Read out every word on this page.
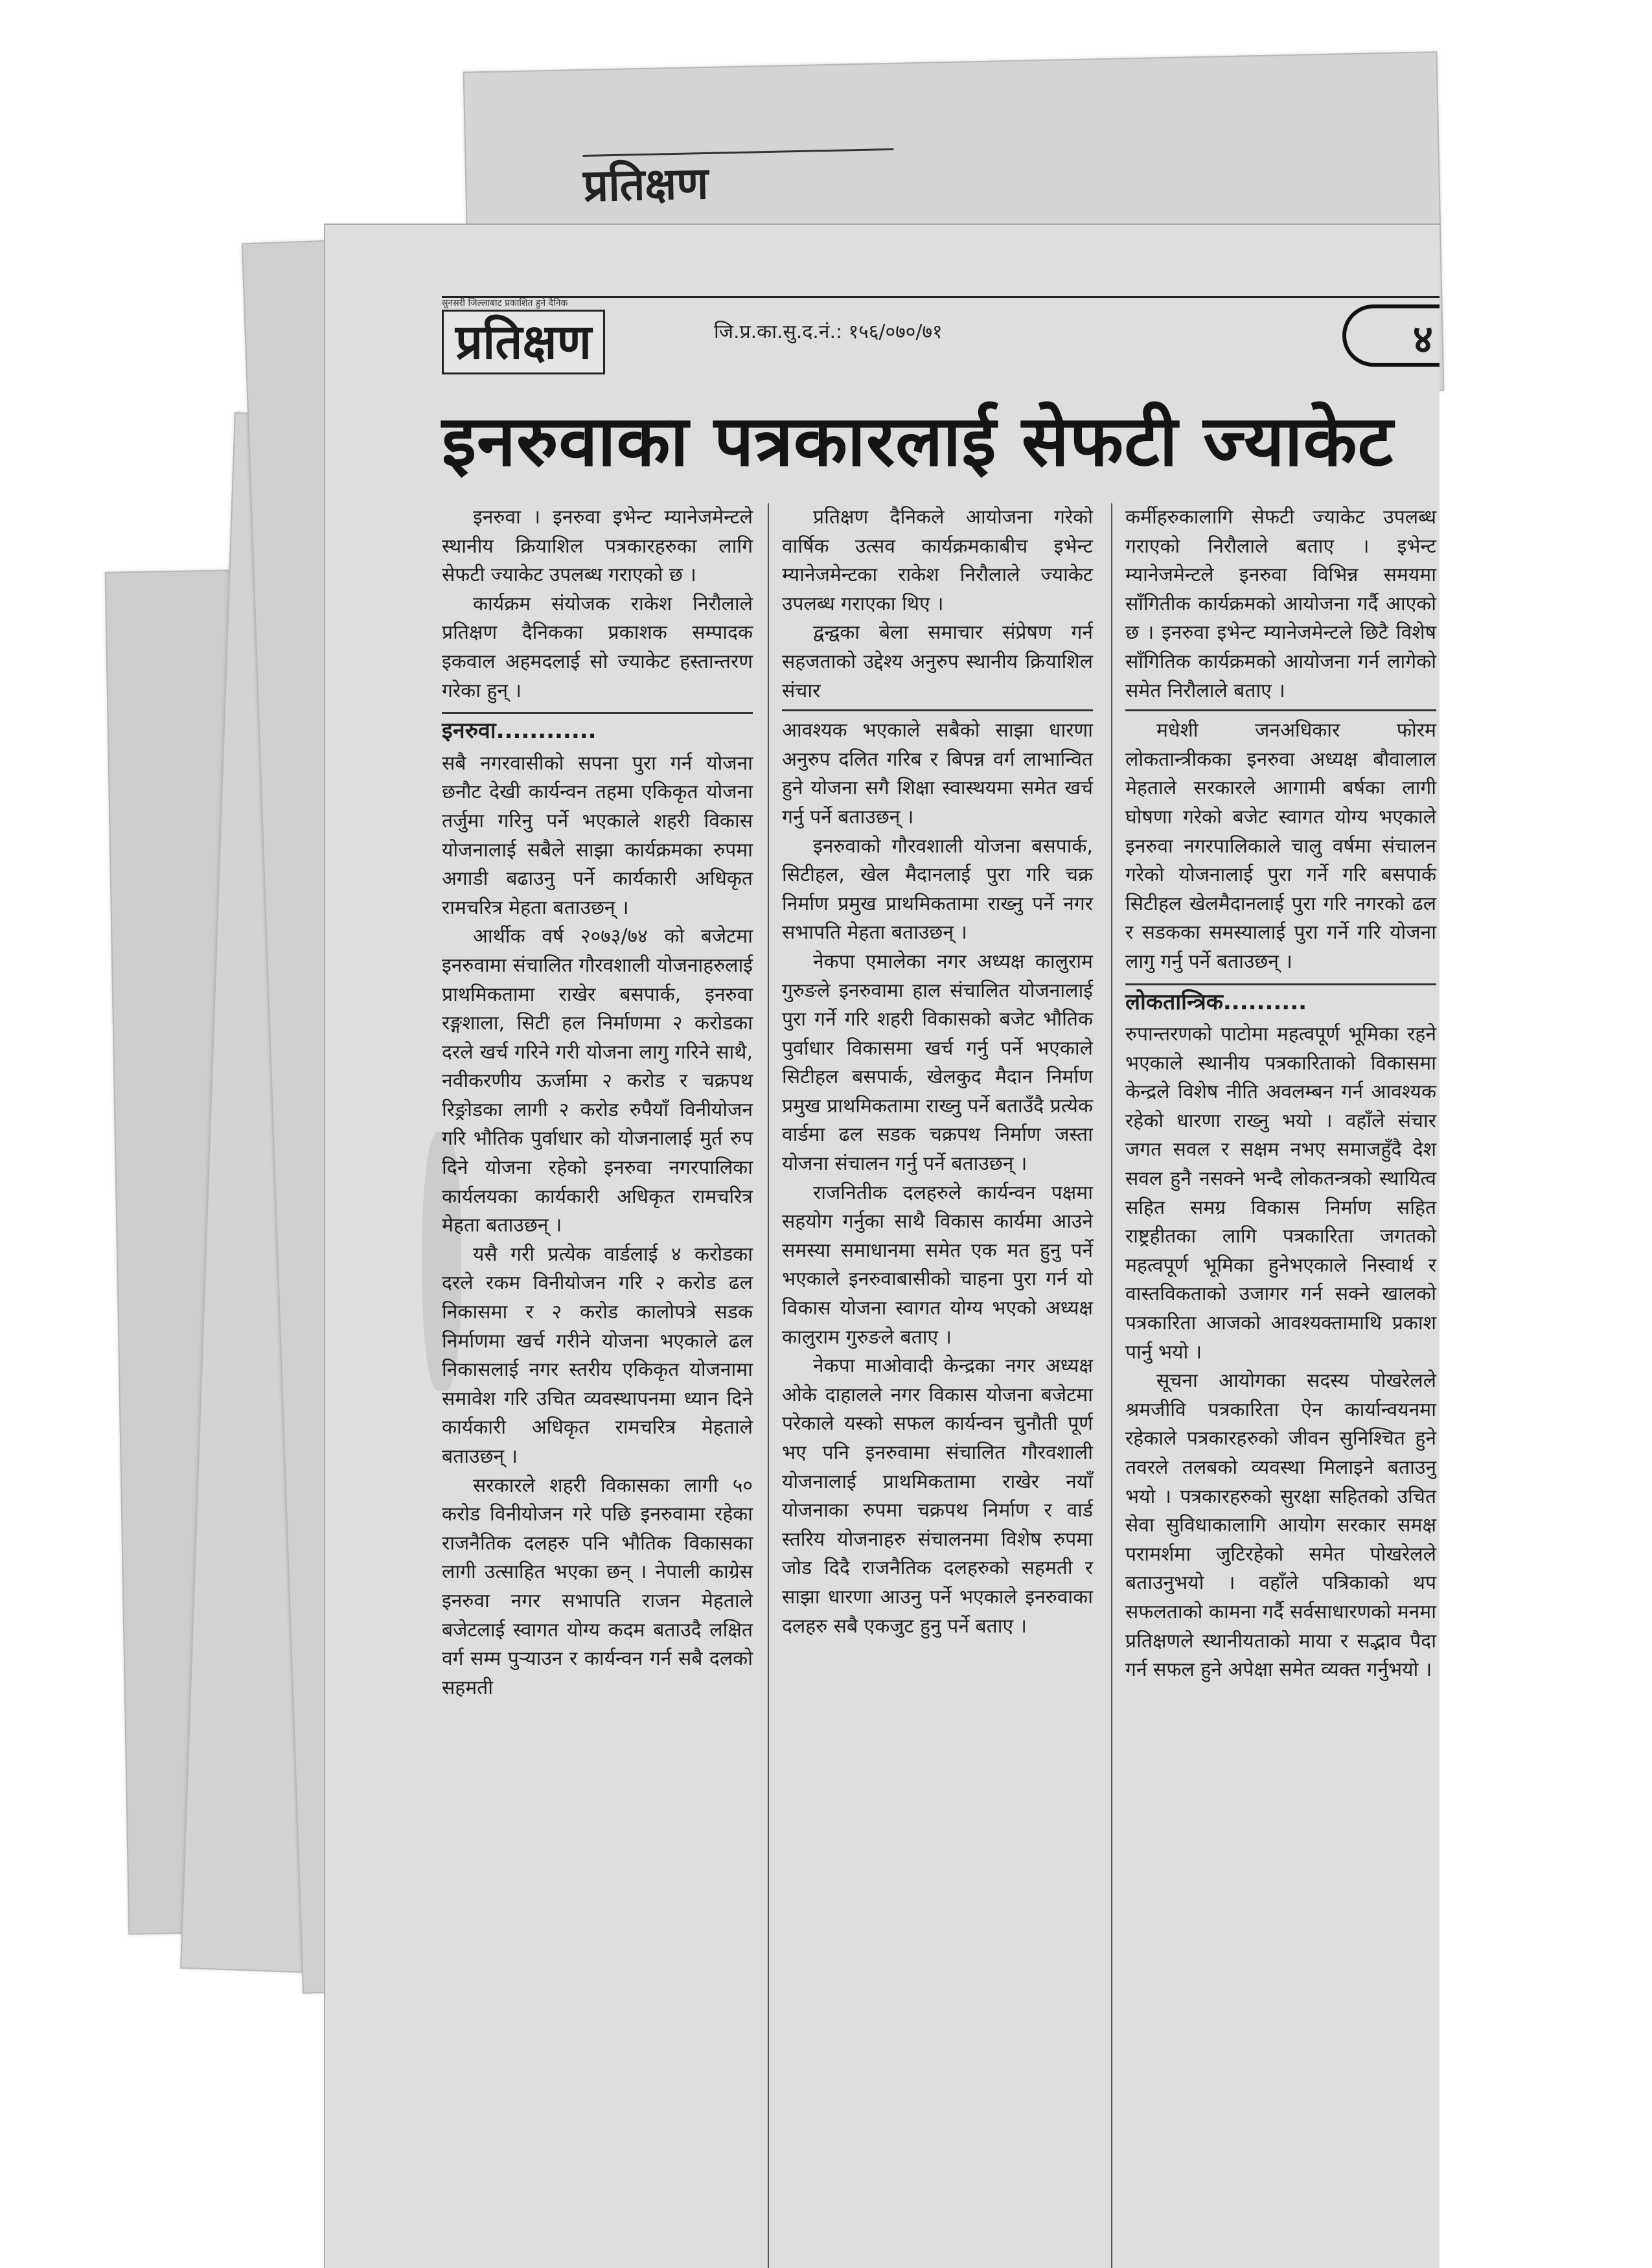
प्रतिक्षण
सुनसरी जिल्लाबाट प्रकाशित हुने दैनिक
प्रतिक्षण	जि.प्र.का.सु.द.नं.: १५६/०७०/७१	४
इनरुवाका पत्रकारलाई सेफटी ज्याकेट

इनरुवा । इनरुवा इभेन्ट म्यानेजमेन्टले स्थानीय क्रियाशिल पत्रकारहरुका लागि सेफटी ज्याकेट उपलब्ध गराएको छ ।

कार्यक्रम संयोजक राकेश निरौलाले प्रतिक्षण दैनिकका प्रकाशक सम्पादक इकवाल अहमदलाई सो ज्याकेट हस्तान्तरण गरेका हुन् ।

इनरुवा............

सबै नगरवासीको सपना पुरा गर्न योजना छनौट देखी कार्यन्वन तहमा एकिकृत योजना तर्जुमा गरिनु पर्ने भएकाले शहरी विकास योजनालाई सबैले साझा कार्यक्रमका रुपमा अगाडी बढाउनु पर्ने कार्यकारी अधिकृत रामचरित्र मेहता बताउछन् ।

आर्थीक वर्ष २०७३/७४ को बजेटमा इनरुवामा संचालित गौरवशाली योजनाहरुलाई प्राथमिकतामा राखेर बसपार्क, इनरुवा रङ्गशाला, सिटी हल निर्माणमा २ करोडका दरले खर्च गरिने गरी योजना लागु गरिने साथै, नवीकरणीय ऊर्जामा २ करोड र चक्रपथ रिङ्रोडका लागी २ करोड रुपैयाँ विनीयोजन गरि भौतिक पुर्वाधार को योजनालाई मुर्त रुप दिने योजना रहेको इनरुवा नगरपालिका कार्यलयका कार्यकारी अधिकृत रामचरित्र मेहता बताउछन् ।

यसै गरी प्रत्येक वार्डलाई ४ करोडका दरले रकम विनीयोजन गरि २ करोड ढल निकासमा र २ करोड कालोपत्रे सडक निर्माणमा खर्च गरीने योजना भएकाले ढल निकासलाई नगर स्तरीय एकिकृत योजनामा समावेश गरि उचित व्यवस्थापनमा ध्यान दिने कार्यकारी अधिकृत रामचरित्र मेहताले बताउछन् ।

सरकारले शहरी विकासका लागी ५० करोड विनीयोजन गरे पछि इनरुवामा रहेका राजनैतिक दलहरु पनि भौतिक विकासका लागी उत्साहित भएका छन् । नेपाली काग्रेस इनरुवा नगर सभापति राजन मेहताले बजेटलाई स्वागत योग्य कदम बताउदै लक्षित वर्ग सम्म पुऱ्याउन र कार्यन्वन गर्न सबै दलको सहमती

प्रतिक्षण दैनिकले आयोजना गरेको वार्षिक उत्सव कार्यक्रमकाबीच इभेन्ट म्यानेजमेन्टका राकेश निरौलाले ज्याकेट उपलब्ध गराएका थिए ।

द्वन्द्वका बेला समाचार संप्रेषण गर्न सहजताको उद्देश्य अनुरुप स्थानीय क्रियाशिल संचार

आवश्यक भएकाले सबैको साझा धारणा अनुरुप दलित गरिब र बिपन्न वर्ग लाभान्वित हुने योजना सगै शिक्षा स्वास्थयमा समेत खर्च गर्नु पर्ने बताउछन् ।

इनरुवाको गौरवशाली योजना बसपार्क, सिटीहल, खेल मैदानलाई पुरा गरि चक्र निर्माण प्रमुख प्राथमिकतामा राख्नु पर्ने नगर सभापति मेहता बताउछन् ।

नेकपा एमालेका नगर अध्यक्ष कालुराम गुरुङले इनरुवामा हाल संचालित योजनालाई पुरा गर्ने गरि शहरी विकासको बजेट भौतिक पुर्वाधार विकासमा खर्च गर्नु पर्ने भएकाले सिटीहल बसपार्क, खेलकुद मैदान निर्माण प्रमुख प्राथमिकतामा राख्नु पर्ने बताउँदै प्रत्येक वार्डमा ढल सडक चक्रपथ निर्माण जस्ता योजना संचालन गर्नु पर्ने बताउछन् ।

राजनितीक दलहरुले कार्यन्वन पक्षमा सहयोग गर्नुका साथै विकास कार्यमा आउने समस्या समाधानमा समेत एक मत हुनु पर्ने भएकाले इनरुवाबासीको चाहना पुरा गर्न यो विकास योजना स्वागत योग्य भएको अध्यक्ष कालुराम गुरुङले बताए ।

नेकपा माओवादी केन्द्रका नगर अध्यक्ष ओके दाहालले नगर विकास योजना बजेटमा परेकाले यस्को सफल कार्यन्वन चुनौती पूर्ण भए पनि इनरुवामा संचालित गौरवशाली योजनालाई प्राथमिकतामा राखेर नयाँ योजनाका रुपमा चक्रपथ निर्माण र वार्ड स्तरिय योजनाहरु संचालनमा विशेष रुपमा जोड दिदै राजनैतिक दलहरुको सहमती र साझा धारणा आउनु पर्ने भएकाले इनरुवाका दलहरु सबै एकजुट हुनु पर्ने बताए ।

कर्मीहरुकालागि सेफटी ज्याकेट उपलब्ध गराएको निरौलाले बताए । इभेन्ट म्यानेजमेन्टले इनरुवा विभिन्न समयमा साँगितीक कार्यक्रमको आयोजना गर्दै आएको छ । इनरुवा इभेन्ट म्यानेजमेन्टले छिटै विशेष साँगितिक कार्यक्रमको आयोजना गर्न लागेको समेत निरौलाले बताए ।

मधेशी जनअधिकार फोरम लोकतान्त्रीकका इनरुवा अध्यक्ष बौवालाल मेहताले सरकारले आगामी बर्षका लागी घोषणा गरेको बजेट स्वागत योग्य भएकाले इनरुवा नगरपालिकाले चालु वर्षमा संचालन गरेको योजनालाई पुरा गर्ने गरि बसपार्क सिटीहल खेलमैदानलाई पुरा गरि नगरको ढल र सडकका समस्यालाई पुरा गर्ने गरि योजना लागु गर्नु पर्ने बताउछन् ।

लोकतान्त्रिक..........

रुपान्तरणको पाटोमा महत्वपूर्ण भूमिका रहने भएकाले स्थानीय पत्रकारिताको विकासमा केन्द्रले विशेष नीति अवलम्बन गर्न आवश्यक रहेको धारणा राख्नु भयो । वहाँले संचार जगत सवल र सक्षम नभए समाजहुँदै देश सवल हुनै नसक्ने भन्दै लोकतन्त्रको स्थायित्व सहित समग्र विकास निर्माण सहित राष्ट्रहीतका लागि पत्रकारिता जगतको महत्वपूर्ण भूमिका हुनेभएकाले निस्वार्थ र वास्तविकताको उजागर गर्न सक्ने खालको पत्रकारिता आजको आवश्यक्तामाथि प्रकाश पार्नु भयो ।

सूचना आयोगका सदस्य पोखरेलले श्रमजीवि पत्रकारिता ऐन कार्यान्वयनमा रहेकाले पत्रकारहरुको जीवन सुनिश्चित हुने तवरले तलबको व्यवस्था मिलाइने बताउनु भयो । पत्रकारहरुको सुरक्षा सहितको उचित सेवा सुविधाकालागि आयोग सरकार समक्ष परामर्शमा जुटिरहेको समेत पोखरेलले बताउनुभयो । वहाँले पत्रिकाको थप सफलताको कामना गर्दै सर्वसाधारणको मनमा प्रतिक्षणले स्थानीयताको माया र सद्भाव पैदा गर्न सफल हुने अपेक्षा समेत व्यक्त गर्नुभयो ।
